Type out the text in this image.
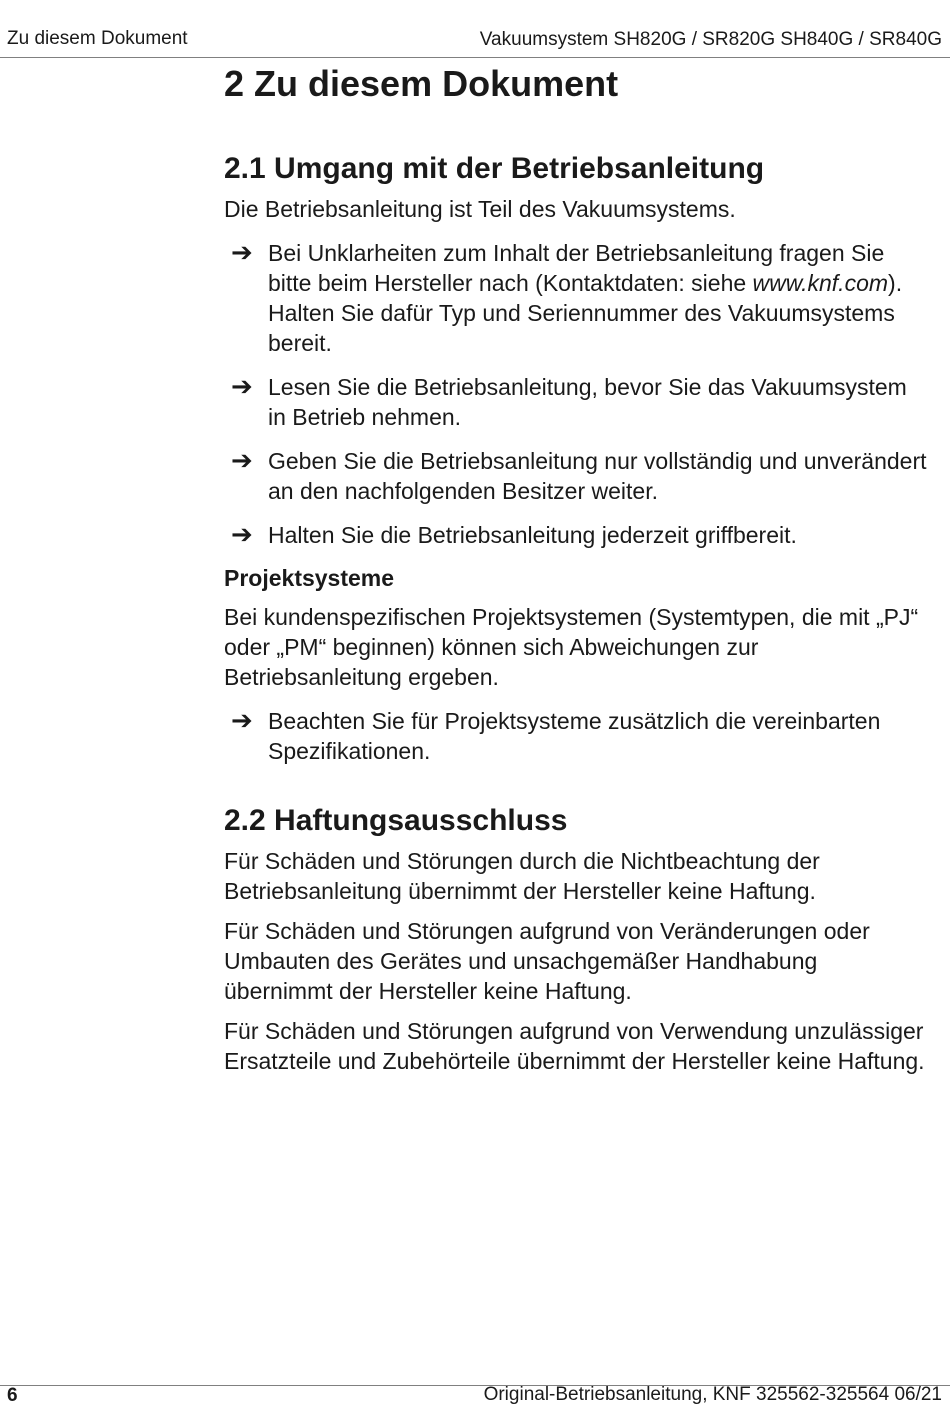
Zu diesem Dokument	Vakuumsystem SH820G / SR820G SH840G / SR840G
2 Zu diesem Dokument
2.1 Umgang mit der Betriebsanleitung

Die Betriebsanleitung ist Teil des Vakuumsystems.

➔ Bei Unklarheiten zum Inhalt der Betriebsanleitung fragen Sie bitte beim Hersteller nach (Kontaktdaten: siehe www.knf.com). Halten Sie dafür Typ und Seriennummer des Vakuumsystems bereit.
➔ Lesen Sie die Betriebsanleitung, bevor Sie das Vakuumsystem in Betrieb nehmen.
➔ Geben Sie die Betriebsanleitung nur vollständig und unverändert an den nachfolgenden Besitzer weiter.
➔ Halten Sie die Betriebsanleitung jederzeit griffbereit.
Projektsysteme

Bei kundenspezifischen Projektsystemen (Systemtypen, die mit „PJ“ oder „PM“ beginnen) können sich Abweichungen zur Betriebsanleitung ergeben.

➔ Beachten Sie für Projektsysteme zusätzlich die vereinbarten Spezifikationen.
2.2 Haftungsausschluss

Für Schäden und Störungen durch die Nichtbeachtung der Betriebsanleitung übernimmt der Hersteller keine Haftung.

Für Schäden und Störungen aufgrund von Veränderungen oder Umbauten des Gerätes und unsachgemäßer Handhabung übernimmt der Hersteller keine Haftung.

Für Schäden und Störungen aufgrund von Verwendung unzulässiger Ersatzteile und Zubehörteile übernimmt der Hersteller keine Haftung.

6	Original-Betriebsanleitung, KNF 325562-325564 06/21
